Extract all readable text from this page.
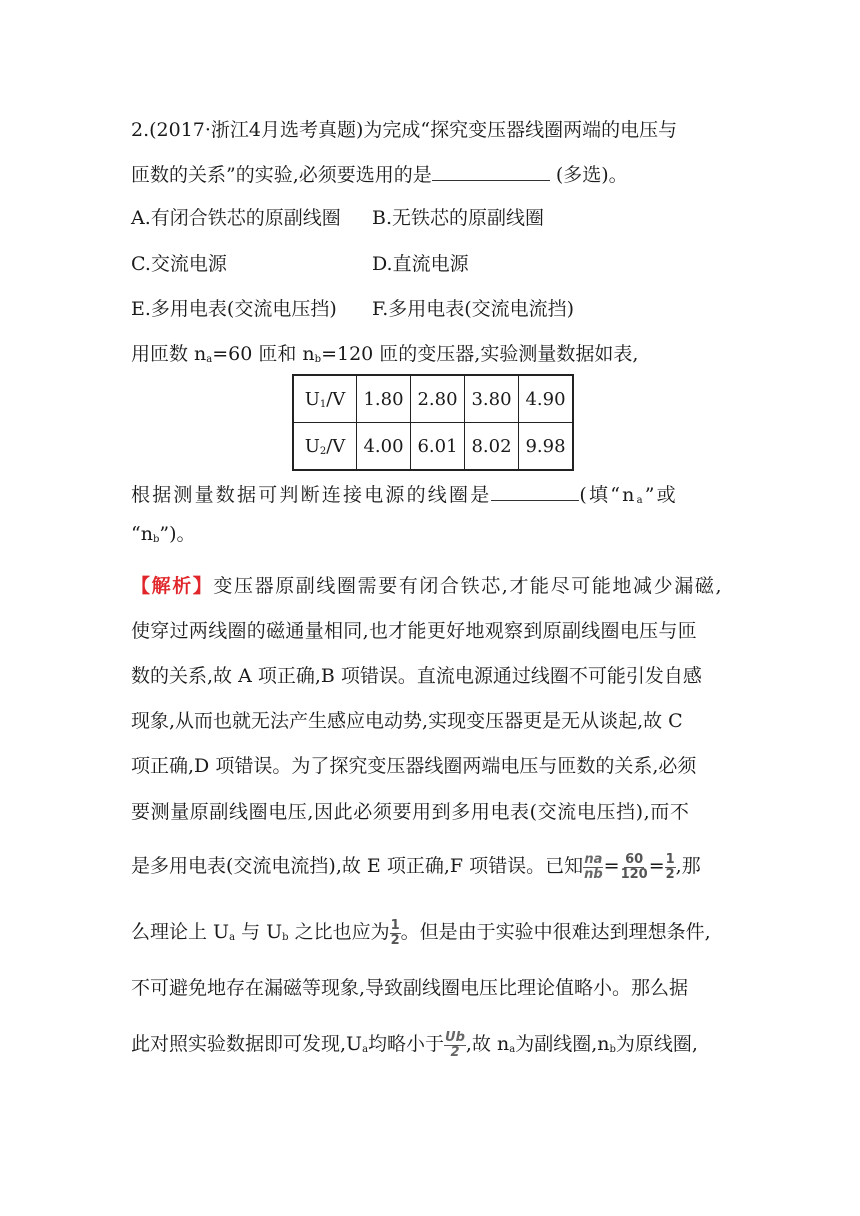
2.(2017·浙江4月选考真题)为完成“探究变压器线圈两端的电压与
匝数的关系”的实验,必须要选用的是	(多选)。
A.有闭合铁芯的原副线圈 B.无铁芯的原副线圈
C.交流电源	D.直流电源
E.多用电表(交流电压挡) F.多用电表(交流电流挡)
用匝数 $n_a=60$ 匝和 $n_b=120$ 匝的变压器,实验测量数据如表,
$U_1/V$	1.80	2.80	3.80	4.90
$U_2/V$	4.00	6.01	8.02	9.98
根据测量数据可判断连接电源的线圈是	(填“$n_a$”或
“$n_b$”)。
【解析】变压器原副线圈需要有闭合铁芯,才能尽可能地减少漏磁,
使穿过两线圈的磁通量相同,也才能更好地观察到原副线圈电压与匝
数的关系,故 A 项正确,B 项错误。直流电源通过线圈不可能引发自感
现象,从而也就无法产生感应电动势,实现变压器更是无从谈起,故 C
项正确,D 项错误。为了探究变压器线圈两端电压与匝数的关系,必须
要测量原副线圈电压,因此必须要用到多用电表(交流电压挡),而不
是多用电表(交流电流挡),故 E 项正确,F 项错误。已知 $\frac{na}{nb} = \frac{60}{120} = \frac{1}{2}$ ,那
么理论上 $U_a$ 与 $U_b$ 之比也应为 $\frac{1}{2}$ 。但是由于实验中很难达到理想条件,
不可避免地存在漏磁等现象,导致副线圈电压比理论值略小。那么据
此对照实验数据即可发现$,U_a$均略小于 $\frac{Ub}{2}$ ,故 $n_a$为副线圈$,n_b$为原线圈,
